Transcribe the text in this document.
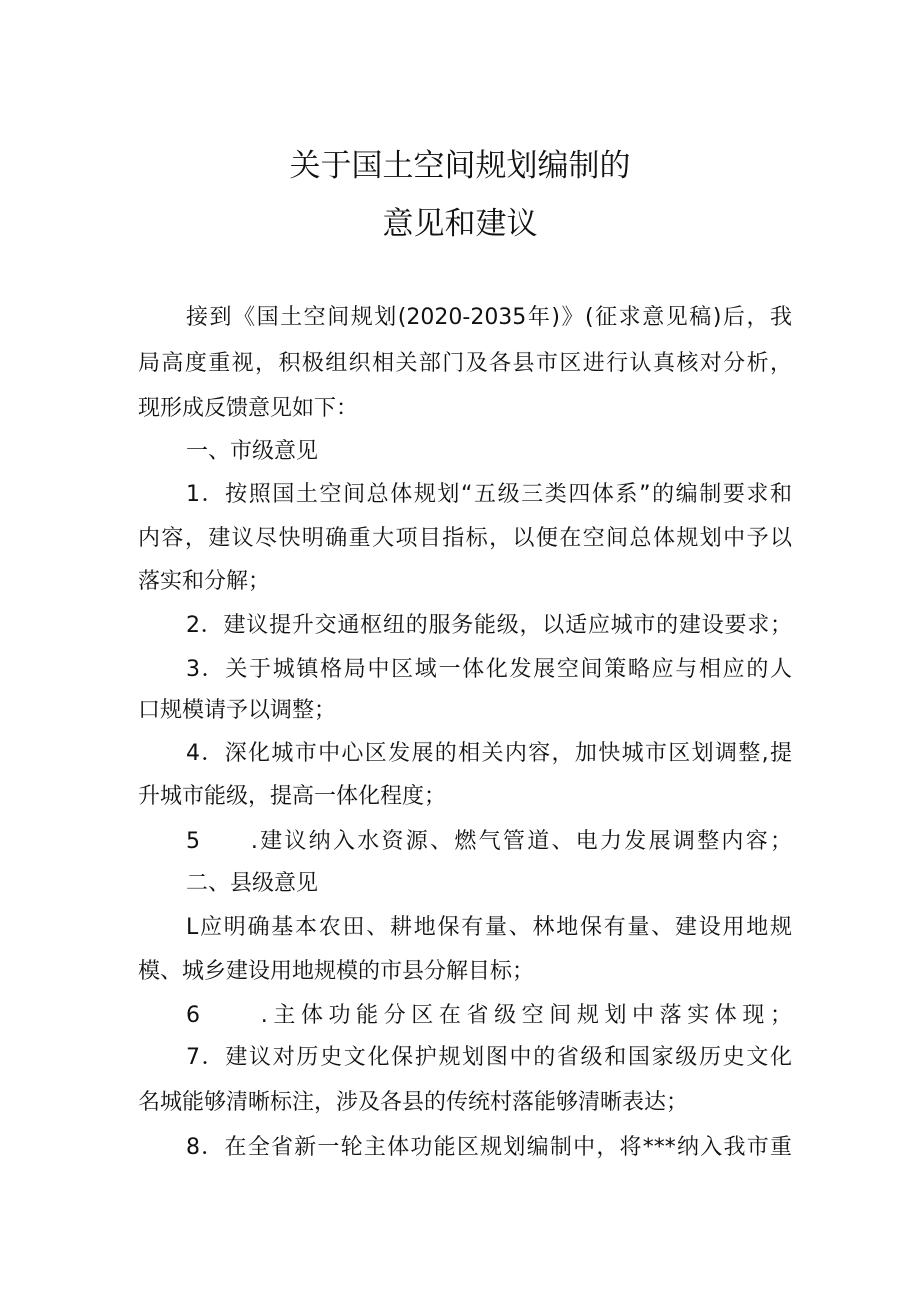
关于国土空间规划编制的
意见和建议
接到《国土空间规划(2020-2035年)》(征求意见稿)后，我
局高度重视，积极组织相关部门及各县市区进行认真核对分析，
现形成反馈意见如下：
一、市级意见
1．按照国土空间总体规划“五级三类四体系”的编制要求和
内容，建议尽快明确重大项目指标，以便在空间总体规划中予以
落实和分解；
2．建议提升交通枢纽的服务能级，以适应城市的建设要求；
3．关于城镇格局中区域一体化发展空间策略应与相应的人
口规模请予以调整；
4．深化城市中心区发展的相关内容，加快城市区划调整,提
升城市能级，提高一体化程度；
5　　.建议纳入水资源、燃气管道、电力发展调整内容；
二、县级意见
L应明确基本农田、耕地保有量、林地保有量、建设用地规
模、城乡建设用地规模的市县分解目标；
6　　.主体功能分区在省级空间规划中落实体现；
7．建议对历史文化保护规划图中的省级和国家级历史文化
名城能够清晰标注，涉及各县的传统村落能够清晰表达；
8．在全省新一轮主体功能区规划编制中，将***纳入我市重
